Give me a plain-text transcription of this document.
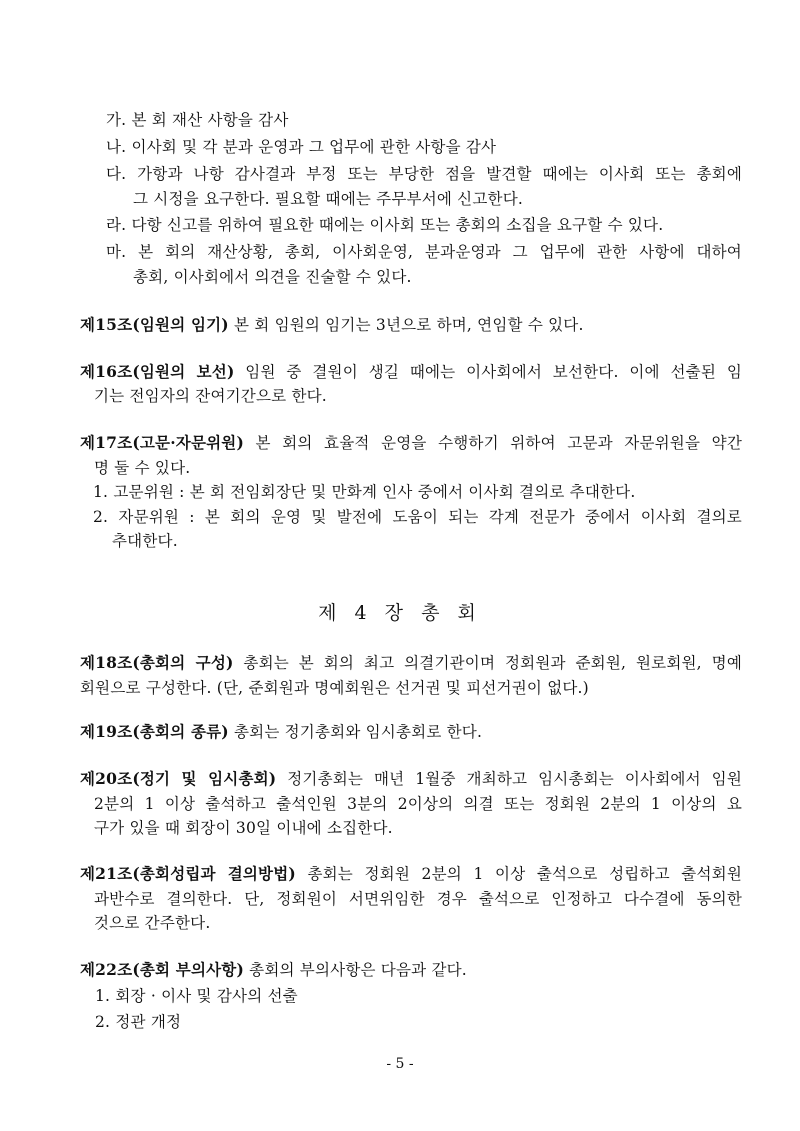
가. 본 회 재산 사항을 감사
나. 이사회 및 각 분과 운영과 그 업무에 관한 사항을 감사
다. 가항과 나항 감사결과 부정 또는 부당한 점을 발견할 때에는 이사회 또는 총회에
그 시정을 요구한다. 필요할 때에는 주무부서에 신고한다.
라. 다항 신고를 위하여 필요한 때에는 이사회 또는 총회의 소집을 요구할 수 있다.
마. 본 회의 재산상황, 총회, 이사회운영, 분과운영과 그 업무에 관한 사항에 대하여
총회, 이사회에서 의견을 진술할 수 있다.
제15조(임원의 임기) 본 회 임원의 임기는 3년으로 하며, 연임할 수 있다.
제16조(임원의 보선) 임원 중 결원이 생길 때에는 이사회에서 보선한다. 이에 선출된 임
기는 전임자의 잔여기간으로 한다.
제17조(고문·자문위원) 본 회의 효율적 운영을 수행하기 위하여 고문과 자문위원을 약간
명 둘 수 있다.
1. 고문위원 : 본 회 전임회장단 및 만화계 인사 중에서 이사회 결의로 추대한다.
2. 자문위원 : 본 회의 운영 및 발전에 도움이 되는 각계 전문가 중에서 이사회 결의로
추대한다.
제 4 장 총 회
제18조(총회의 구성) 총회는 본 회의 최고 의결기관이며 정회원과 준회원, 원로회원, 명예
회원으로 구성한다. (단, 준회원과 명예회원은 선거권 및 피선거권이 없다.)
제19조(총회의 종류) 총회는 정기총회와 임시총회로 한다.
제20조(정기 및 임시총회) 정기총회는 매년 1월중 개최하고 임시총회는 이사회에서 임원
2분의 1 이상 출석하고 출석인원 3분의 2이상의 의결 또는 정회원 2분의 1 이상의 요
구가 있을 때 회장이 30일 이내에 소집한다.
제21조(총회성립과 결의방법) 총회는 정회원 2분의 1 이상 출석으로 성립하고 출석회원
과반수로 결의한다. 단, 정회원이 서면위임한 경우 출석으로 인정하고 다수결에 동의한
것으로 간주한다.
제22조(총회 부의사항) 총회의 부의사항은 다음과 같다.
1. 회장 · 이사 및 감사의 선출
2. 정관 개정
- 5 -
